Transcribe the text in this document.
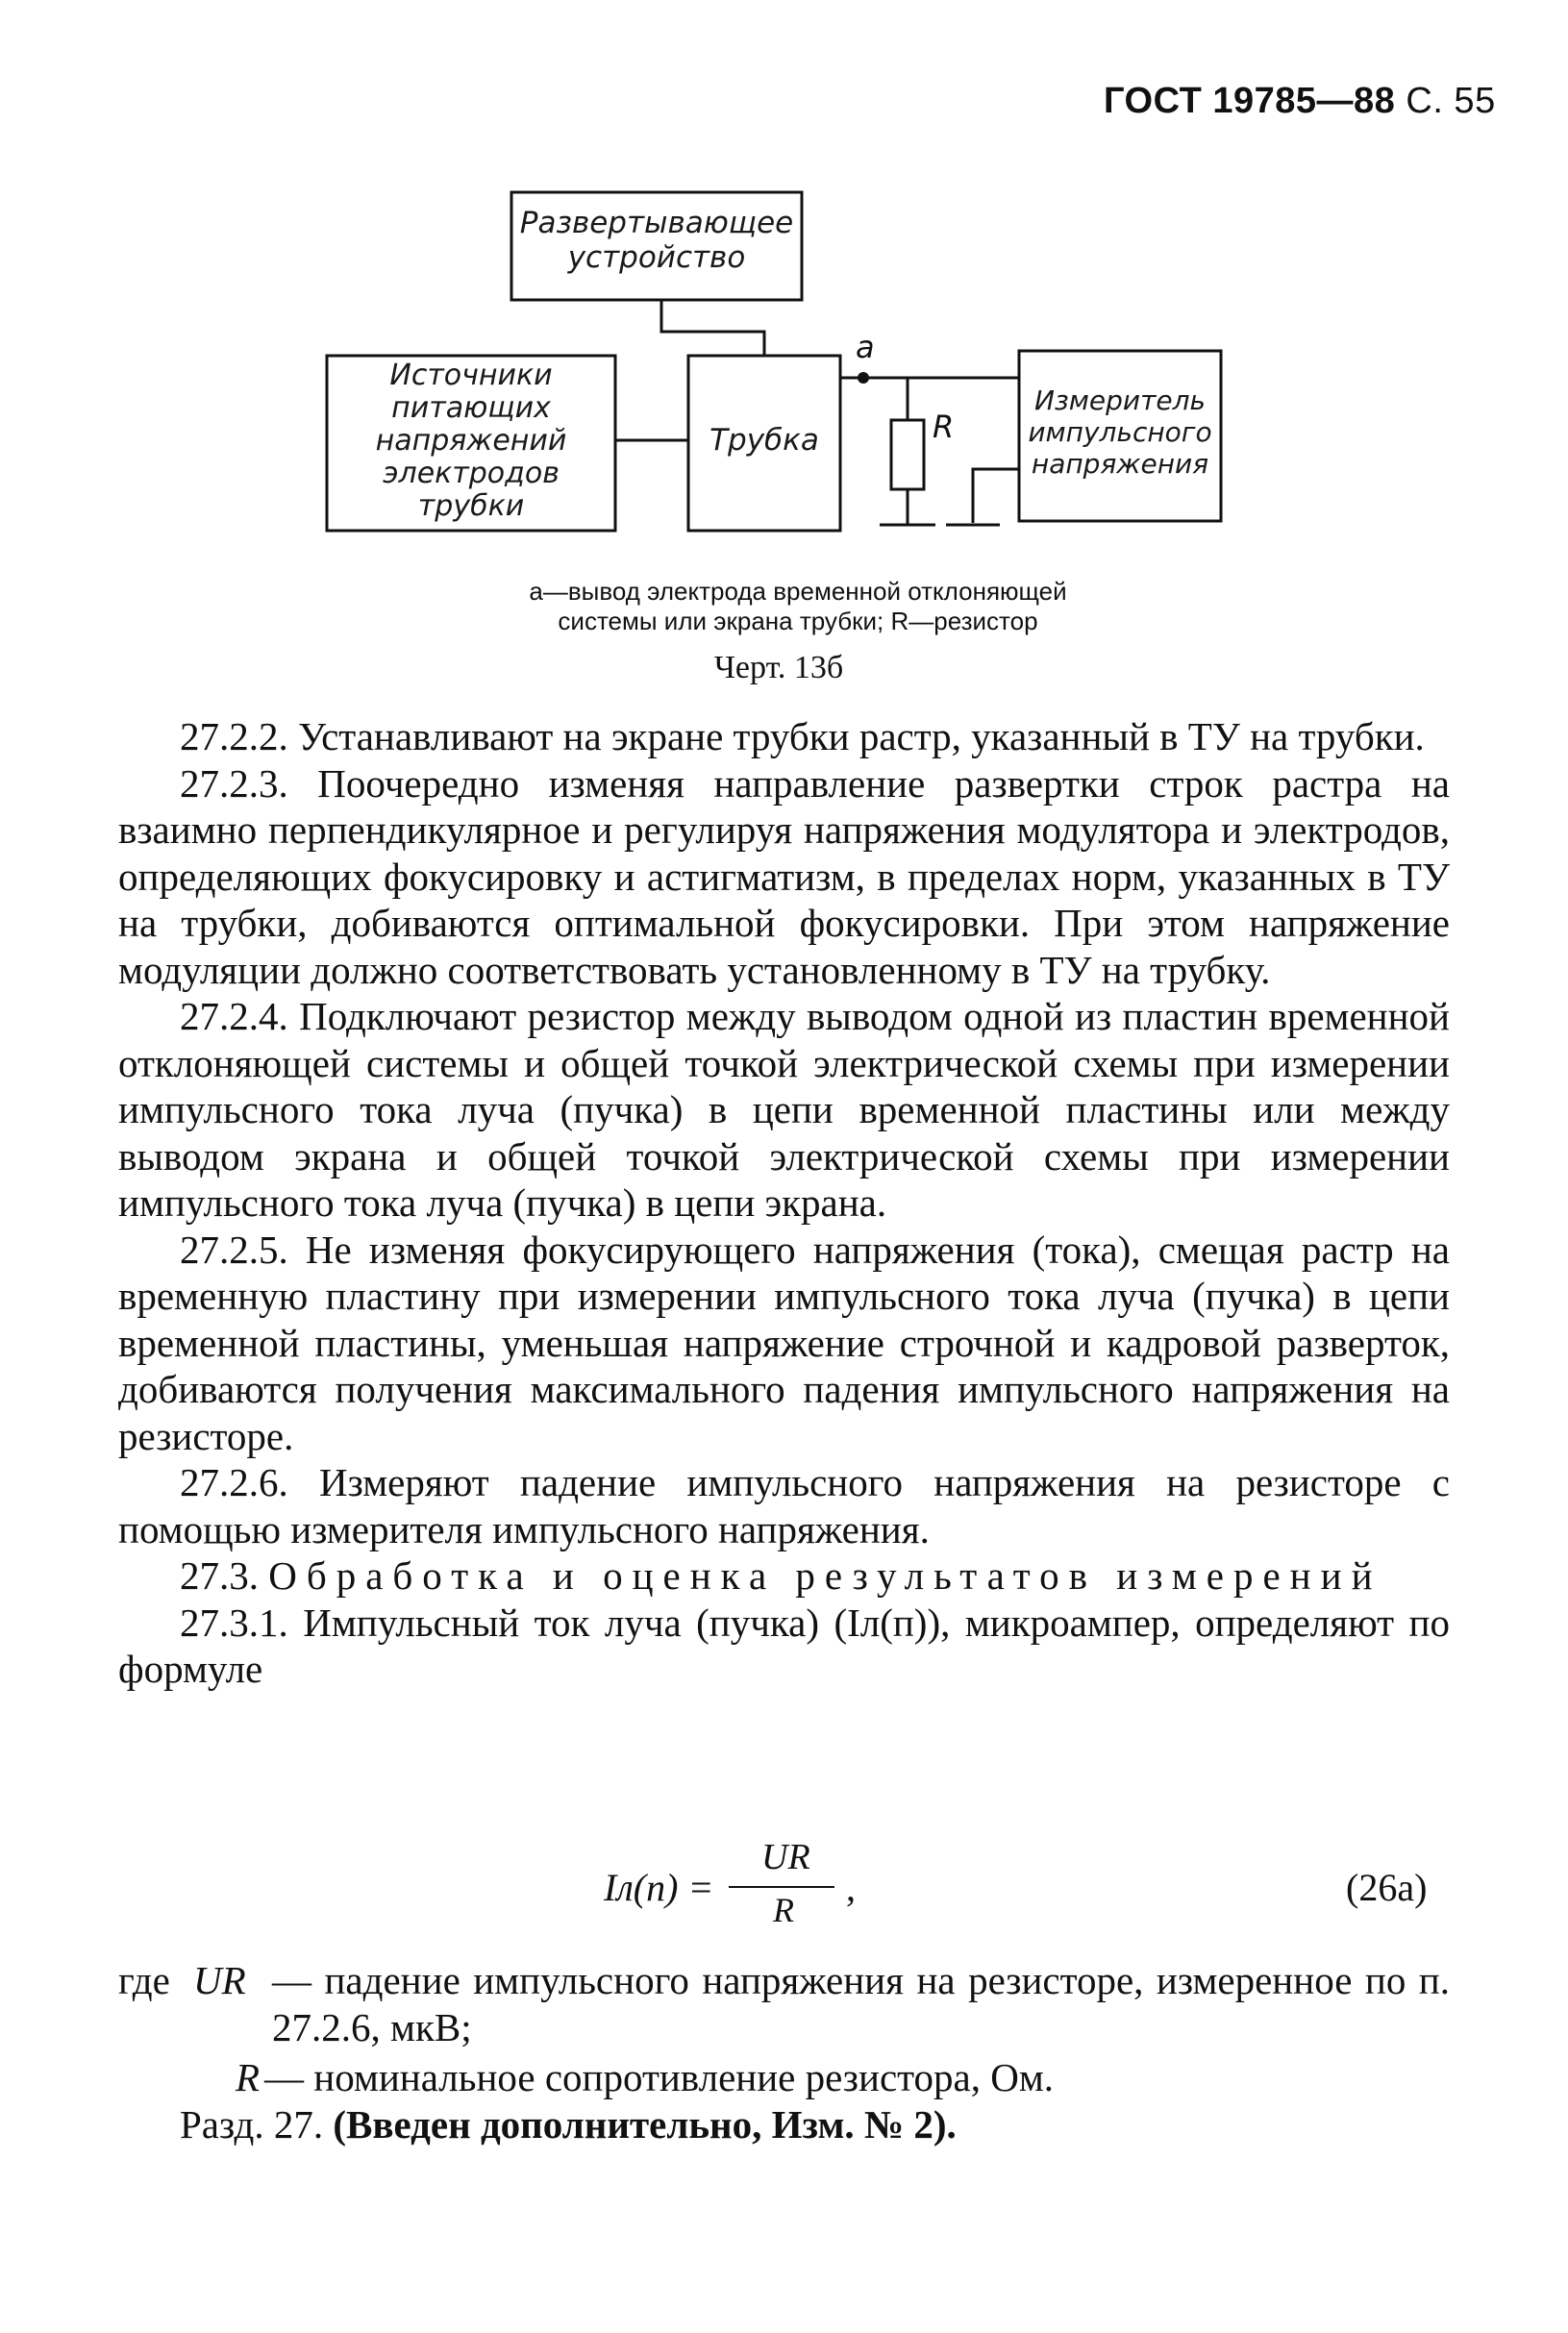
ГОСТ 19785—88 С. 55
Развертывающее
устройство
Источники
питающих
напряжений
электродов
трубки
Трубка
Измеритель
импульсного
напряжения
a
R
а—вывод электрода временной отклоняющей
системы или экрана трубки; R—резистор
Черт. 13б

27.2.2. Устанавливают на экране трубки растр, указанный в ТУ на трубки.

27.2.3. Поочередно изменяя направление развертки строк растра на взаимно перпендикулярное и регулируя напряжения модулятора и электродов, определяющих фокусировку и астигматизм, в пределах норм, указанных в ТУ на трубки, добиваются оптимальной фокусировки. При этом напряжение модуляции должно соответствовать установленному в ТУ на трубку.

27.2.4. Подключают резистор между выводом одной из пластин временной отклоняющей системы и общей точкой электрической схемы при измерении импульсного тока луча (пучка) в цепи временной пластины или между выводом экрана и общей точкой электрической схемы при измерении импульсного тока луча (пучка) в цепи экрана.

27.2.5. Не изменяя фокусирующего напряжения (тока), смещая растр на временную пластину при измерении импульсного тока луча (пучка) в цепи временной пластины, уменьшая напряжение строчной и кадровой разверток, добиваются получения максимального падения импульсного напряжения на резисторе.

27.2.6. Измеряют падение импульсного напряжения на резисторе с помощью измерителя импульсного напряжения.

27.3. Обработка и оценка результатов измерений

27.3.1. Импульсный ток луча (пучка) (Iл(п)), микроампер, определяют по формуле

Iл(п) =
UR
R
,	(26a)
где UR — падение импульсного напряжения на резисторе, измеренное по п. 27.2.6, мкВ;
R — номинальное сопротивление резистора, Ом.
Разд. 27. (Введен дополнительно, Изм. № 2).
